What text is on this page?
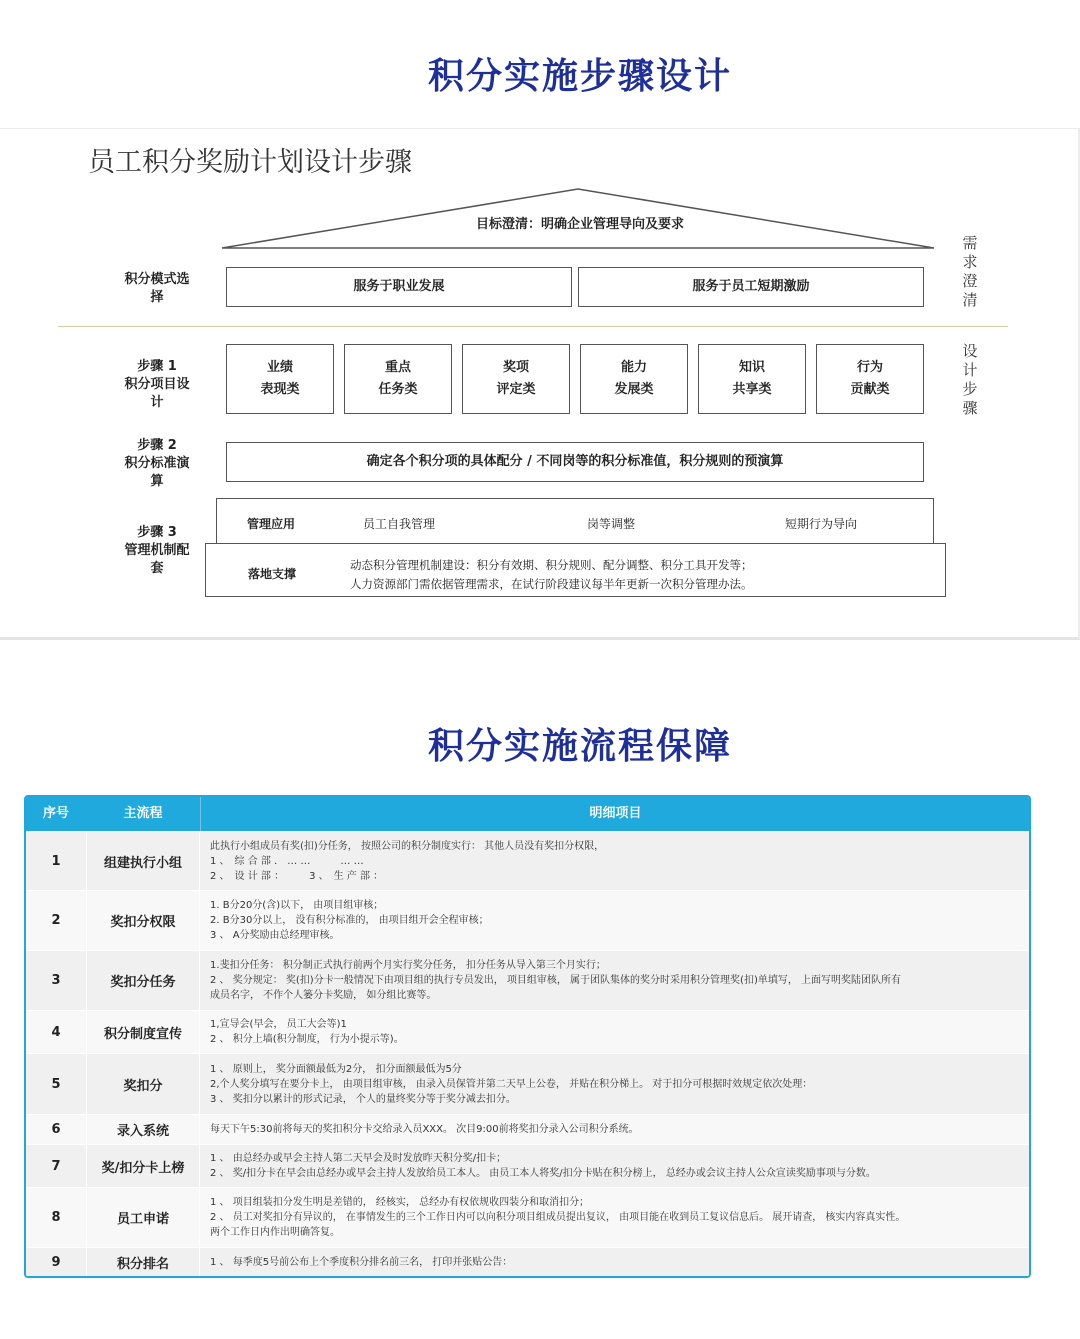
积分实施步骤设计
积分实施流程保障
员工积分奖励计划设计步骤
目标澄清：明确企业管理导向及要求
需
求
澄
清
设
计
步
骤
积分模式选
择
服务于职业发展	服务于员工短期激励
步骤 1
积分项目设
计
业绩
表现类
重点
任务类
奖项
评定类
能力
发展类
知识
共享类
行为
贡献类
步骤 2
积分标准演
算
确定各个积分项的具体配分 / 不同岗等的积分标准值，积分规则的预演算
步骤 3
管理机制配
套
管理应用	员工自我管理	岗等调整	短期行为导向
落地支撑
动态积分管理机制建设：积分有效期、积分规则、配分调整、积分工具开发等；
人力资源部门需依据管理需求，在试行阶段建议每半年更新一次积分管理办法。
序号	主流程	明细项目
1	组建执行小组
此执行小组成员有奖(扣)分任务， 按照公司的积分制度实行： 其他人员没有奖扣分权限，
1 、　综 合 部 ． … …　　　… …
2 、　设 计 部 ：　　　3 、　生 产 部 ：
2	奖扣分权限
1. B分20分(含)以下， 由项目组审核；
2. B分30分以上， 没有积分标准的， 由项目组开会全程审核；
3 、 A分奖励由总经理审核。
3	奖扣分任务
1.斐扣分任务： 积分制正式执行前两个月实行奖分任务， 扣分任务从导入第三个月实行；
2 、 奖分规定： 奖(扣)分卡一般情况下由项目组的执行专员发出， 项目组审核， 属于团队集体的奖分时采用积分管理奖(扣)单填写， 上面写明奖陆团队所有
成员名字， 不作个人篓分卡奖励， 如分组比赛等。
4	积分制度宣传
1,宣导会(早会， 员工大会等)1
2 、 积分上墙(积分制度， 行为小提示等)。
5	奖扣分
1 、 原则上， 奖分面额最低为2分， 扣分面额最低为5分
2,个人奖分填写在要分卡上， 由项目组审核， 由录入员保管并第二天早上公卷， 并贴在积分梯上。 对于扣分可根据时效规定依次处理：
3 、 奖扣分以累计的形式记录， 个人的量终奖分等于奖分减去扣分。
6	录入系统	每天下午5:30前将每天的奖扣积分卡交给录入员XXX。 次目9:00前将奖扣分录入公司积分系统。
7	奖/扣分卡上榜
1 、 由总经办或早会主持人第二天早会及时发放昨天积分奖/扣卡；
2 、 奖/扣分卡在早会由总经办或早会主持人发放给员工本人。 由员工本人将奖/扣分卡贴在积分榜上， 总经办或会议主持人公众宣读奖励事项与分数。
8	员工申诺
1 、 项目组装扣分发生明是差错的， 经核实， 总经办有权依规收四装分和取消扣分；
2 、 员工对奖扣分有异议的， 在事情发生的三个工作日内可以向积分项目组成员提出复议， 由项目能在收到员工复议信息后。 展开请查， 核实内容真实性。
两个工作日内作出明确答复。
9	积分排名	1 、 每季度5号前公布上个季度积分排名前三名， 打印并张贴公告：
